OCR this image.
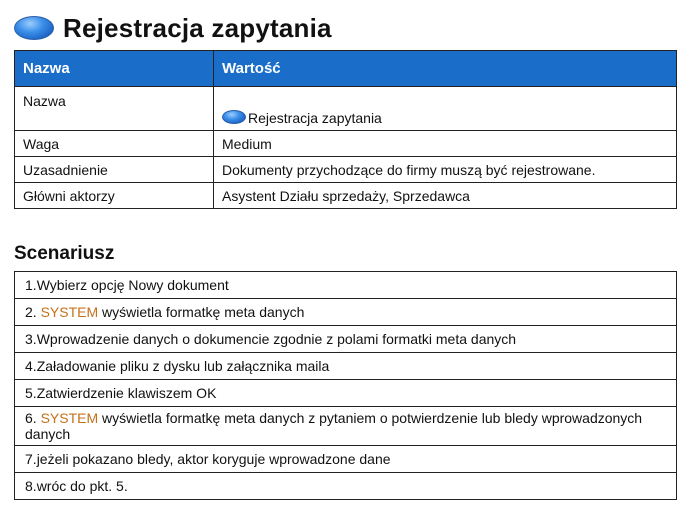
Rejestracja zapytania
Nazwa	Wartość
Nazwa	Rejestracja zapytania
Waga	Medium
Uzasadnienie	Dokumenty przychodzące do firmy muszą być rejestrowane.
Główni aktorzy	Asystent Działu sprzedaży, Sprzedawca
Scenariusz
1.Wybierz opcję Nowy dokument
2. SYSTEM wyświetla formatkę meta danych
3.Wprowadzenie danych o dokumencie zgodnie z polami formatki meta danych
4.Załadowanie pliku z dysku lub załącznika maila
5.Zatwierdzenie klawiszem OK
6. SYSTEM wyświetla formatkę meta danych z pytaniem o potwierdzenie lub bledy wprowadzonych danych
7.jeżeli pokazano bledy, aktor koryguje wprowadzone dane
8.wróc do pkt. 5.
